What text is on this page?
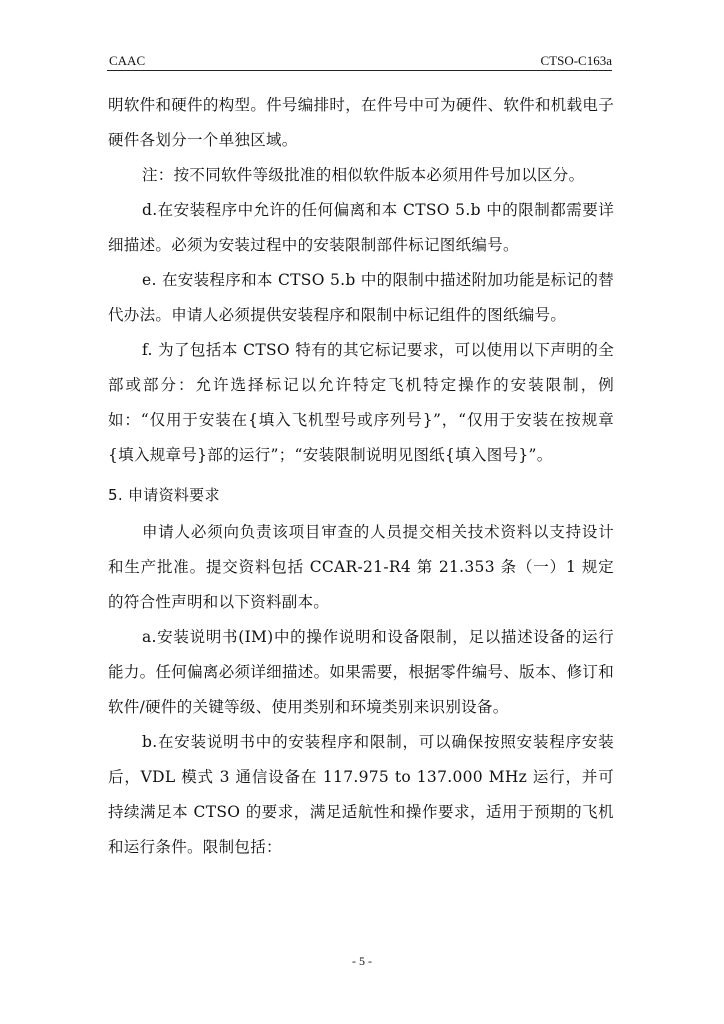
CAAC	CTSO-C163a

明软件和硬件的构型。件号编排时，在件号中可为硬件、软件和机载电子硬件各划分一个单独区域。

注：按不同软件等级批准的相似软件版本必须用件号加以区分。

d.在安装程序中允许的任何偏离和本 CTSO 5.b 中的限制都需要详细描述。必须为安装过程中的安装限制部件标记图纸编号。

e. 在安装程序和本 CTSO 5.b 中的限制中描述附加功能是标记的替代办法。申请人必须提供安装程序和限制中标记组件的图纸编号。

f. 为了包括本 CTSO 特有的其它标记要求，可以使用以下声明的全部或部分：允许选择标记以允许特定飞机特定操作的安装限制，例如：“仅用于安装在{填入飞机型号或序列号}”，“仅用于安装在按规章{填入规章号}部的运行”；“安装限制说明见图纸{填入图号}”。

5. 申请资料要求

申请人必须向负责该项目审查的人员提交相关技术资料以支持设计和生产批准。提交资料包括 CCAR-21-R4 第 21.353 条（一）1 规定的符合性声明和以下资料副本。

a.安装说明书(IM)中的操作说明和设备限制，足以描述设备的运行能力。任何偏离必须详细描述。如果需要，根据零件编号、版本、修订和软件/硬件的关键等级、使用类别和环境类别来识别设备。

b.在安装说明书中的安装程序和限制，可以确保按照安装程序安装后，VDL 模式 3 通信设备在 117.975 to 137.000 MHz 运行，并可持续满足本 CTSO 的要求，满足适航性和操作要求，适用于预期的飞机和运行条件。限制包括：

- 5 -
